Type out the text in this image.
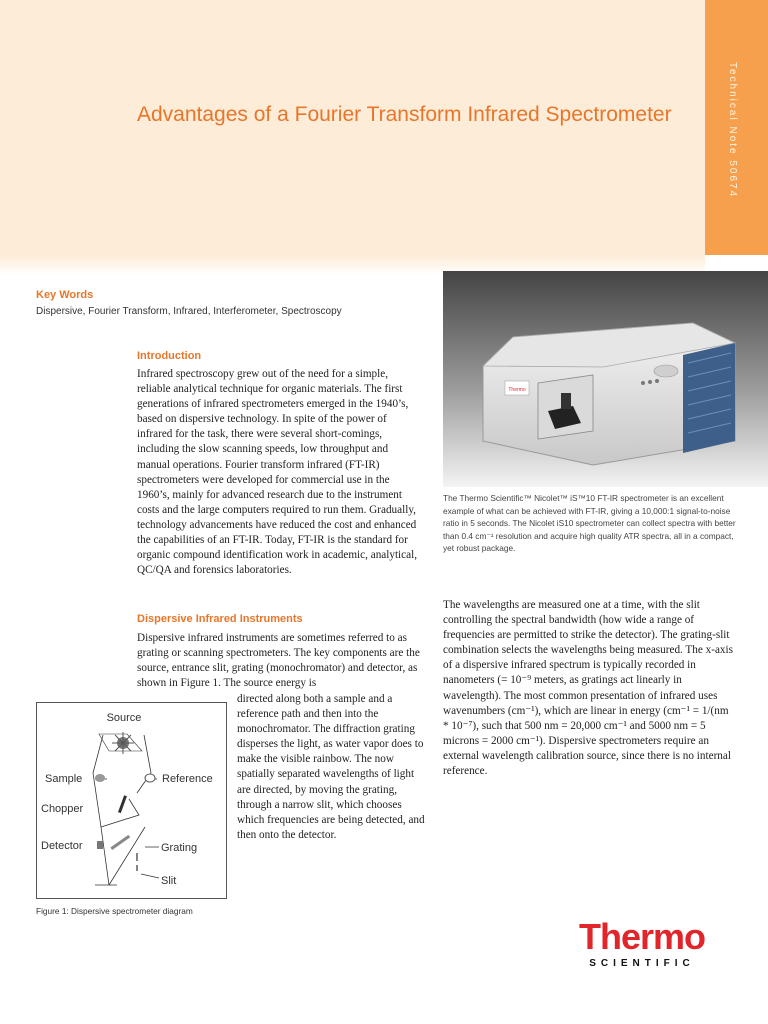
Technical Note 50674
Advantages of a Fourier Transform Infrared Spectrometer
Thermo
The Thermo Scientific™ Nicolet™ iS™10 FT-IR spectrometer is an excellent example of what can be achieved with FT-IR, giving a 10,000:1 signal-to-noise ratio in 5 seconds. The Nicolet iS10 spectrometer can collect spectra with better than 0.4 cm⁻¹ resolution and acquire high quality ATR spectra, all in a compact, yet robust package.
Key Words
Dispersive, Fourier Transform, Infrared, Interferometer, Spectroscopy
Introduction
Infrared spectroscopy grew out of the need for a simple, reliable analytical technique for organic materials. The first generations of infrared spectrometers emerged in the 1940’s, based on dispersive technology. In spite of the power of infrared for the task, there were several short-comings, including the slow scanning speeds, low throughput and manual operations. Fourier transform infrared (FT-IR) spectrometers were developed for commercial use in the 1960’s, mainly for advanced research due to the instrument costs and the large computers required to run them. Gradually, technology advancements have reduced the cost and enhanced the capabilities of an FT-IR. Today, FT-IR is the standard for organic compound identification work in academic, analytical, QC/QA and forensics laboratories.
Dispersive Infrared Instruments
Dispersive infrared instruments are sometimes referred to as grating or scanning spectrometers. The key components are the source, entrance slit, grating (monochromator) and detector, as shown in Figure 1. The source energy is
directed along both a sample and a reference path and then into the monochromator. The diffraction grating disperses the light, as water vapor does to make the visible rainbow. The now spatially separated wavelengths of light are directed, by moving the grating, through a narrow slit, which chooses which frequencies are being detected, and then onto the detector.
The wavelengths are measured one at a time, with the slit controlling the spectral bandwidth (how wide a range of frequencies are permitted to strike the detector). The grating-slit combination selects the wavelengths being measured. The x-axis of a dispersive infrared spectrum is typically recorded in nanometers (= 10⁻⁹ meters, as gratings act linearly in wavelength). The most common presentation of infrared uses wavenumbers (cm⁻¹), which are linear in energy (cm⁻¹ = 1/(nm * 10⁻⁷), such that 500 nm = 20,000 cm⁻¹ and 5000 nm = 5 microns = 2000 cm⁻¹). Dispersive spectrometers require an external wavelength calibration source, since there is no internal reference.
Source
Sample	Reference
Chopper
Detector	Grating
Slit
Figure 1: Dispersive spectrometer diagram
Thermo
SCIENTIFIC
